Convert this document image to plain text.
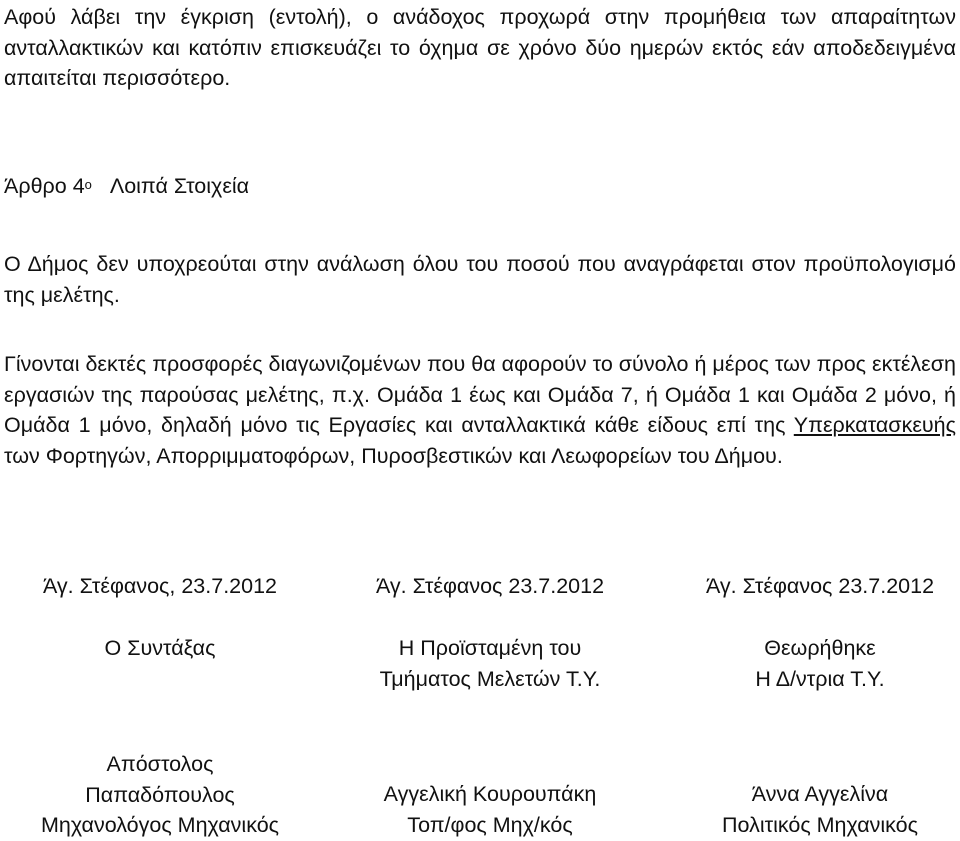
Αφού λάβει την έγκριση (εντολή), ο ανάδοχος προχωρά στην προμήθεια των απαραίτητων ανταλλακτικών και κατόπιν επισκευάζει το όχημα σε χρόνο δύο ημερών εκτός εάν αποδεδειγμένα απαιτείται περισσότερο.

Άρθρο $4^o$ Λοιπά Στοιχεία

Ο Δήμος δεν υποχρεούται στην ανάλωση όλου του ποσού που αναγράφεται στον προϋπολογισμό της μελέτης.

Γίνονται δεκτές προσφορές διαγωνιζομένων που θα αφορούν το σύνολο ή μέρος των προς εκτέλεση εργασιών της παρούσας μελέτης, π.χ. Ομάδα 1 έως και Ομάδα 7, ή Ομάδα 1 και Ομάδα 2 μόνο, ή Ομάδα 1 μόνο, δηλαδή μόνο τις Εργασίες και ανταλλακτικά κάθε είδους επί της Υπερκατασκευής των Φορτηγών, Απορριμματοφόρων, Πυροσβεστικών και Λεωφορείων του Δήμου.

Άγ. Στέφανος, 23.7.2012
Ο Συντάξας
Απόστολος
Παπαδόπουλος
Μηχανολόγος Μηχανικός
Άγ. Στέφανος 23.7.2012
Η Προϊσταμένη του
Τμήματος Μελετών Τ.Υ.
Αγγελική Κουρουπάκη
Τοπ/φος Μηχ/κός
Άγ. Στέφανος 23.7.2012
Θεωρήθηκε
Η Δ/ντρια Τ.Υ.
Άννα Αγγελίνα
Πολιτικός Μηχανικός
